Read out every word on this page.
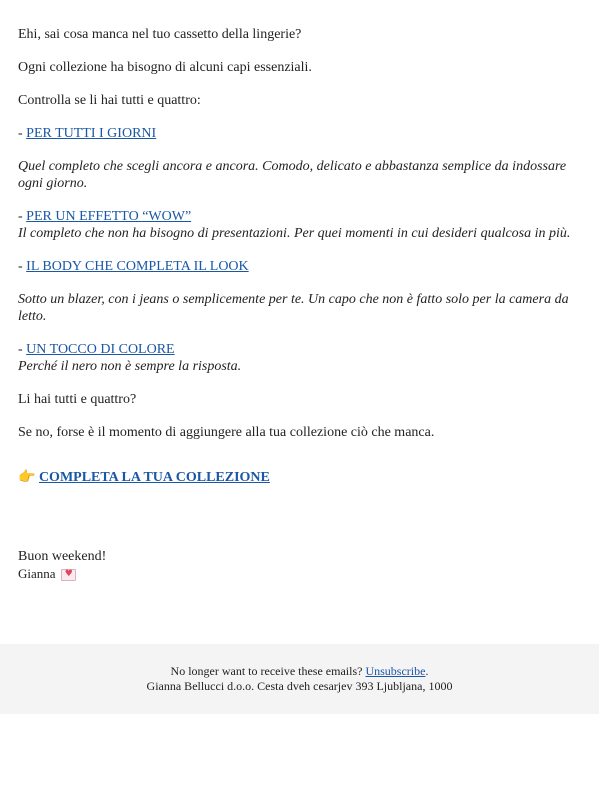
Ehi, sai cosa manca nel tuo cassetto della lingerie?

Ogni collezione ha bisogno di alcuni capi essenziali.

Controlla se li hai tutti e quattro:

- PER TUTTI I GIORNI

Quel completo che scegli ancora e ancora. Comodo, delicato e abbastanza semplice da indossare ogni giorno.

- PER UN EFFETTO “WOW”

Il completo che non ha bisogno di presentazioni. Per quei momenti in cui desideri qualcosa in più.

- IL BODY CHE COMPLETA IL LOOK

Sotto un blazer, con i jeans o semplicemente per te. Un capo che non è fatto solo per la camera da letto.

- UN TOCCO DI COLORE

Perché il nero non è sempre la risposta.

Li hai tutti e quattro?

Se no, forse è il momento di aggiungere alla tua collezione ciò che manca.

👉 COMPLETA LA TUA COLLEZIONE
Buon weekend!
Gianna ♥
No longer want to receive these emails? Unsubscribe.
Gianna Bellucci d.o.o. Cesta dveh cesarjev 393 Ljubljana, 1000
